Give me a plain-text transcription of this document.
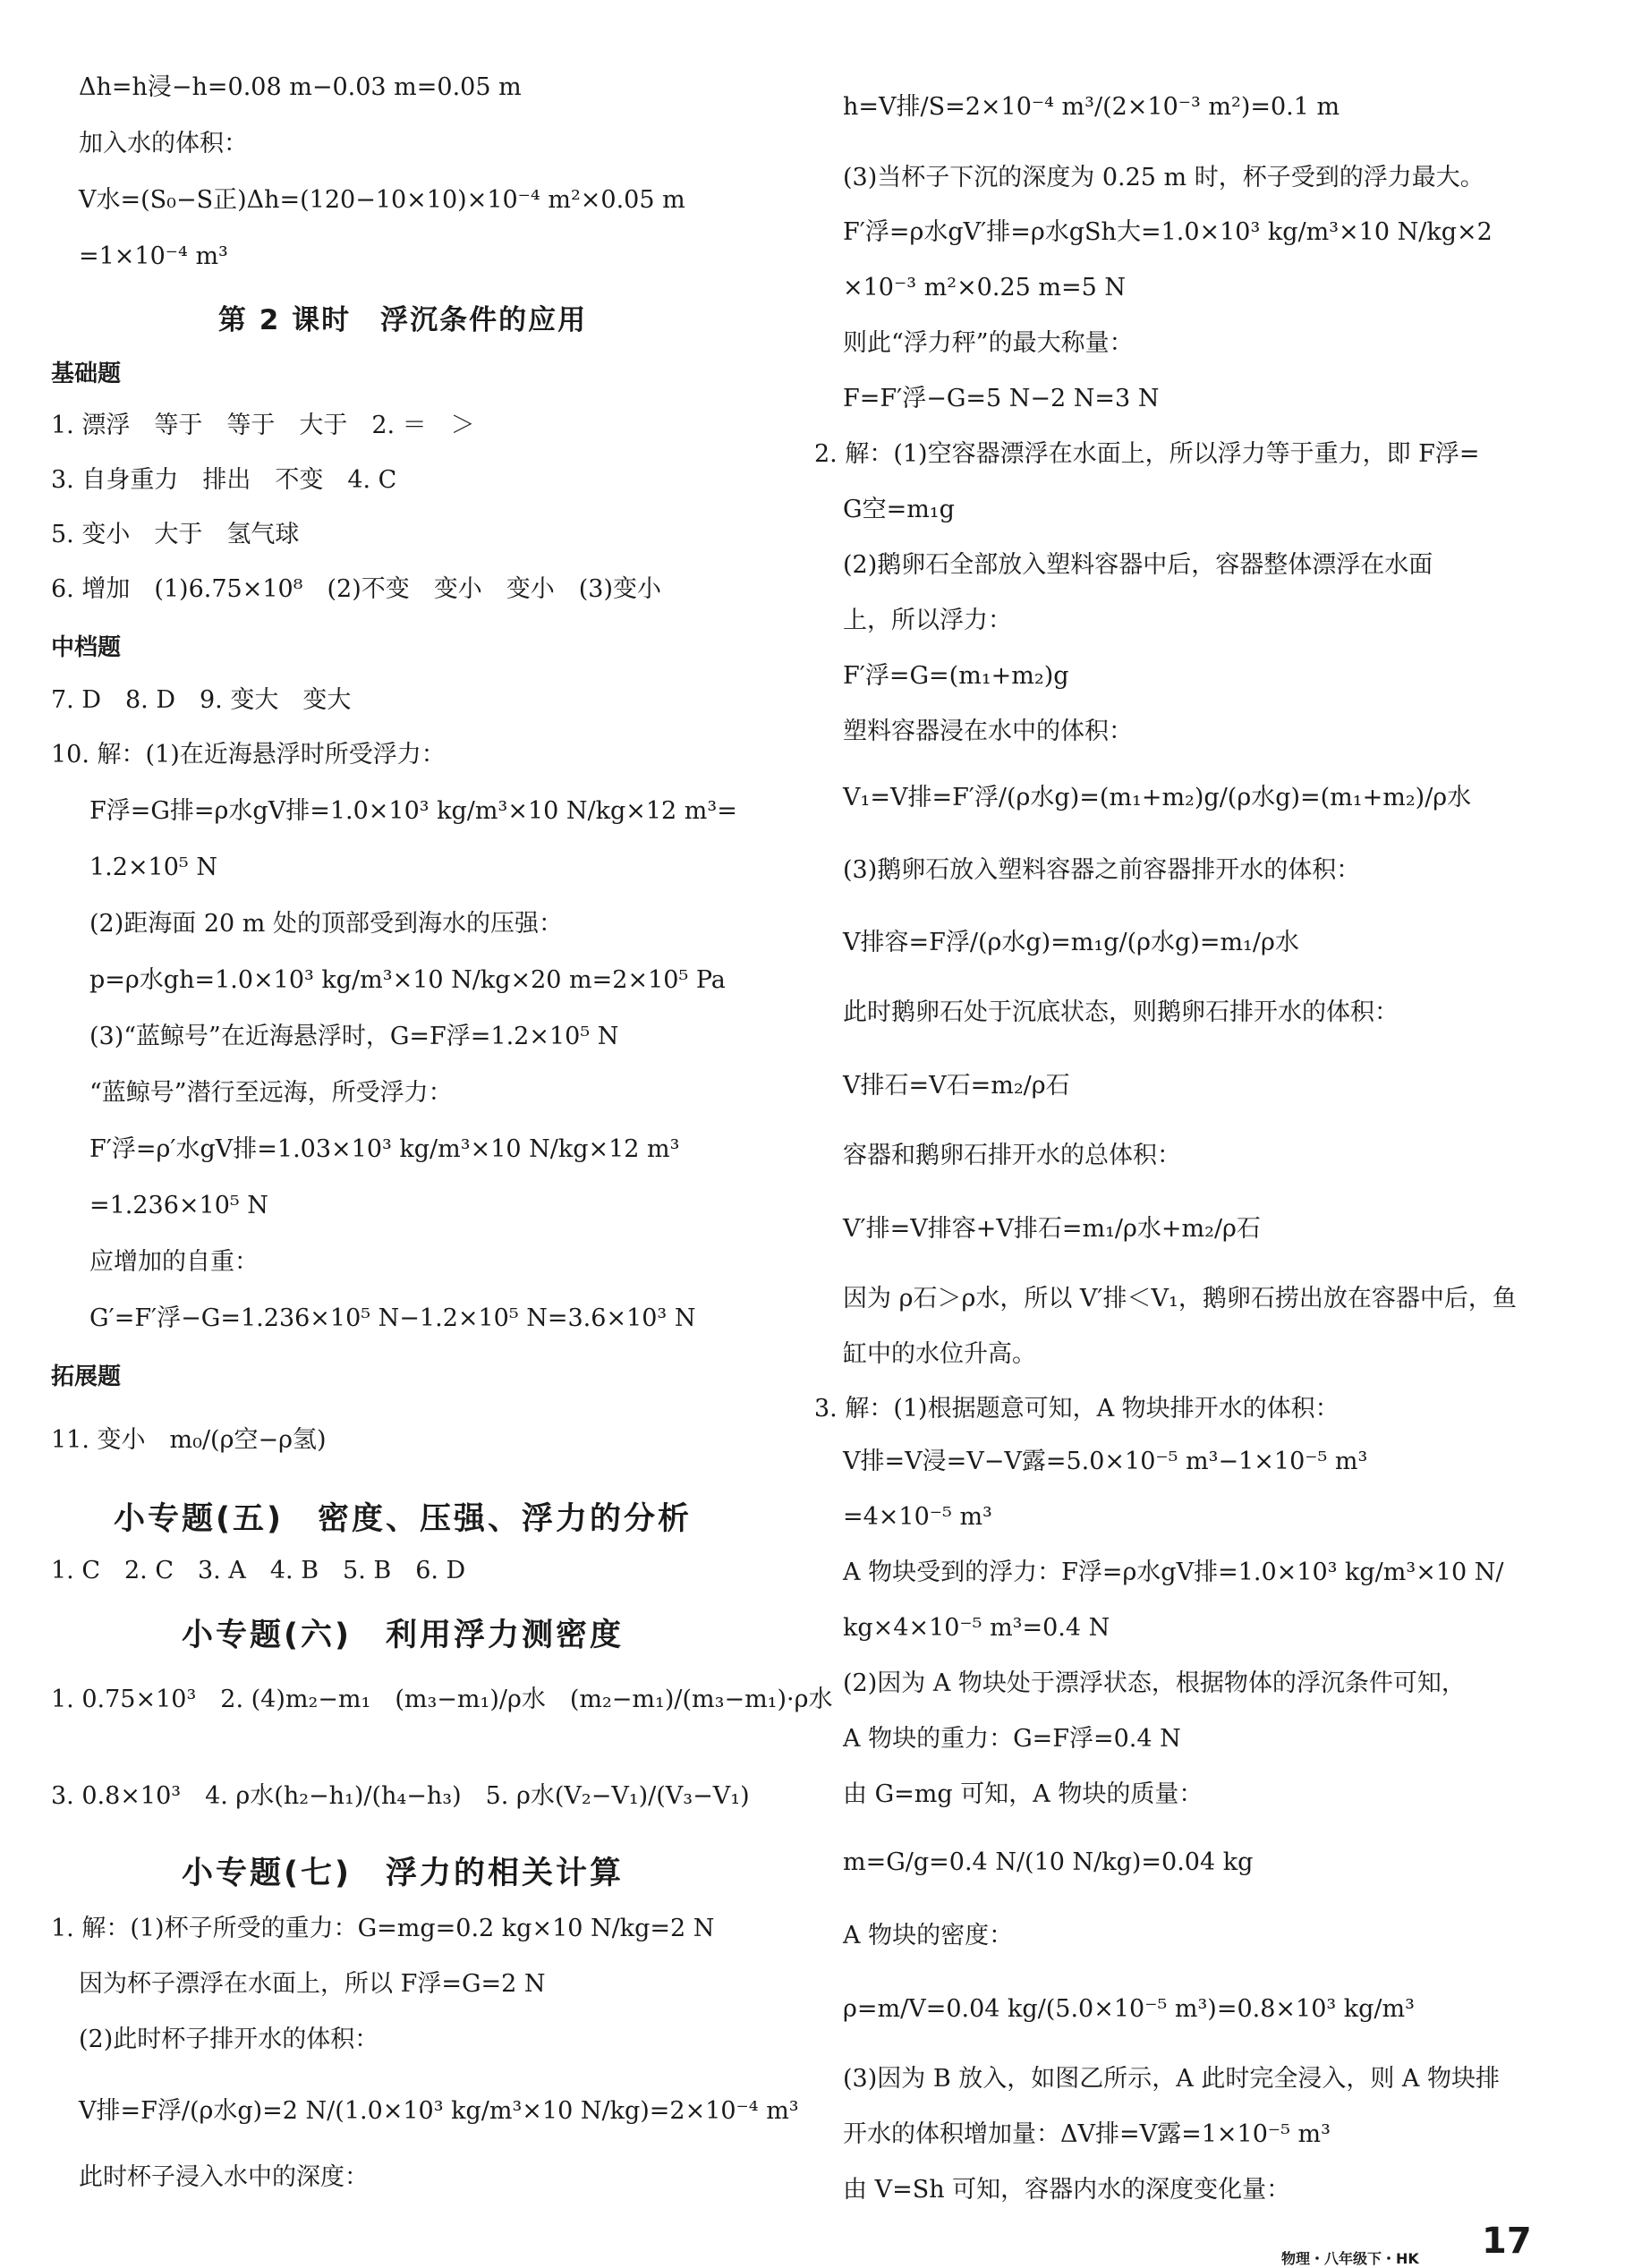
Δh=h浸−h=0.08 m−0.03 m=0.05 m
加入水的体积：
V水=(S₀−S正)Δh=(120−10×10)×10⁻⁴ m²×0.05 m
=1×10⁻⁴ m³
第 2 课时　浮沉条件的应用
基础题
1. 漂浮　等于　等于　大于　2. ＝　＞
3. 自身重力　排出　不变　4. C
5. 变小　大于　氢气球
6. 增加　(1)6.75×10⁸　(2)不变　变小　变小　(3)变小
中档题
7. D　8. D　9. 变大　变大
10. 解：(1)在近海悬浮时所受浮力：
F浮=G排=ρ水gV排=1.0×10³ kg/m³×10 N/kg×12 m³=
1.2×10⁵ N
(2)距海面 20 m 处的顶部受到海水的压强：
p=ρ水gh=1.0×10³ kg/m³×10 N/kg×20 m=2×10⁵ Pa
(3)“蓝鲸号”在近海悬浮时，G=F浮=1.2×10⁵ N
“蓝鲸号”潜行至远海，所受浮力：
F′浮=ρ′水gV排=1.03×10³ kg/m³×10 N/kg×12 m³
=1.236×10⁵ N
应增加的自重：
G′=F′浮−G=1.236×10⁵ N−1.2×10⁵ N=3.6×10³ N
拓展题
11. 变小　m₀/(ρ空−ρ氢)
小专题(五)　密度、压强、浮力的分析
1. C　2. C　3. A　4. B　5. B　6. D
小专题(六)　利用浮力测密度
1. 0.75×10³　2. (4)m₂−m₁　(m₃−m₁)/ρ水　(m₂−m₁)/(m₃−m₁)·ρ水
3. 0.8×10³　4. ρ水(h₂−h₁)/(h₄−h₃)　5. ρ水(V₂−V₁)/(V₃−V₁)
小专题(七)　浮力的相关计算
1. 解：(1)杯子所受的重力：G=mg=0.2 kg×10 N/kg=2 N
因为杯子漂浮在水面上，所以 F浮=G=2 N
(2)此时杯子排开水的体积：
V排=F浮/(ρ水g)=2 N/(1.0×10³ kg/m³×10 N/kg)=2×10⁻⁴ m³
此时杯子浸入水中的深度：
h=V排/S=2×10⁻⁴ m³/(2×10⁻³ m²)=0.1 m
(3)当杯子下沉的深度为 0.25 m 时，杯子受到的浮力最大。
F′浮=ρ水gV′排=ρ水gSh大=1.0×10³ kg/m³×10 N/kg×2
×10⁻³ m²×0.25 m=5 N
则此“浮力秤”的最大称量：
F=F′浮−G=5 N−2 N=3 N
2. 解：(1)空容器漂浮在水面上，所以浮力等于重力，即 F浮=
G空=m₁g
(2)鹅卵石全部放入塑料容器中后，容器整体漂浮在水面
上，所以浮力：
F′浮=G=(m₁+m₂)g
塑料容器浸在水中的体积：
V₁=V排=F′浮/(ρ水g)=(m₁+m₂)g/(ρ水g)=(m₁+m₂)/ρ水
(3)鹅卵石放入塑料容器之前容器排开水的体积：
V排容=F浮/(ρ水g)=m₁g/(ρ水g)=m₁/ρ水
此时鹅卵石处于沉底状态，则鹅卵石排开水的体积：
V排石=V石=m₂/ρ石
容器和鹅卵石排开水的总体积：
V′排=V排容+V排石=m₁/ρ水+m₂/ρ石
因为 ρ石＞ρ水，所以 V′排＜V₁，鹅卵石捞出放在容器中后，鱼
缸中的水位升高。
3. 解：(1)根据题意可知，A 物块排开水的体积：
V排=V浸=V−V露=5.0×10⁻⁵ m³−1×10⁻⁵ m³
=4×10⁻⁵ m³
A 物块受到的浮力：F浮=ρ水gV排=1.0×10³ kg/m³×10 N/
kg×4×10⁻⁵ m³=0.4 N
(2)因为 A 物块处于漂浮状态，根据物体的浮沉条件可知，
A 物块的重力：G=F浮=0.4 N
由 G=mg 可知，A 物块的质量：
m=G/g=0.4 N/(10 N/kg)=0.04 kg
A 物块的密度：
ρ=m/V=0.04 kg/(5.0×10⁻⁵ m³)=0.8×10³ kg/m³
(3)因为 B 放入，如图乙所示，A 此时完全浸入，则 A 物块排
开水的体积增加量：ΔV排=V露=1×10⁻⁵ m³
由 V=Sh 可知，容器内水的深度变化量：
物理・八年级下・HK 17
